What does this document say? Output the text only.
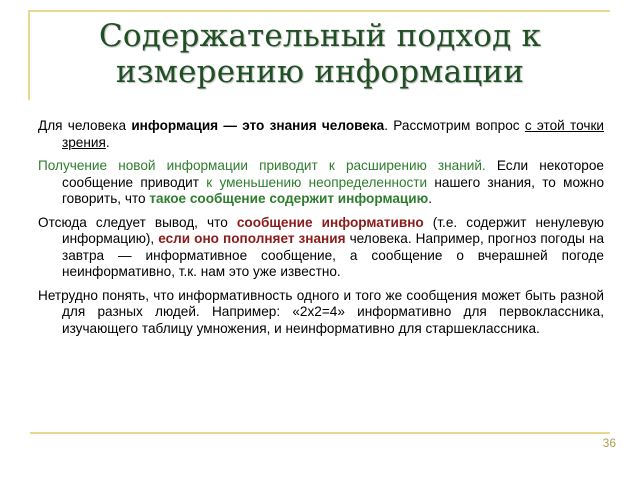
Содержательный подход к измерению информации

Для человека информация — это знания человека. Рассмотрим вопрос с этой точки зрения.

Получение новой информации приводит к расширению знаний. Если некоторое сообщение приводит к уменьшению неопределенности нашего знания, то можно говорить, что такое сообщение содержит информацию.

Отсюда следует вывод, что сообщение информативно (т.е. содержит ненулевую информацию), если оно пополняет знания человека. Например, прогноз погоды на завтра — информативное сообщение, а сообщение о вчерашней погоде неинформативно, т.к. нам это уже известно.

Нетрудно понять, что информативность одного и того же сообщения может быть разной для разных людей. Например: «2х2=4» информативно для первоклассника, изучающего таблицу умножения, и неинформативно для старшеклассника.

36
